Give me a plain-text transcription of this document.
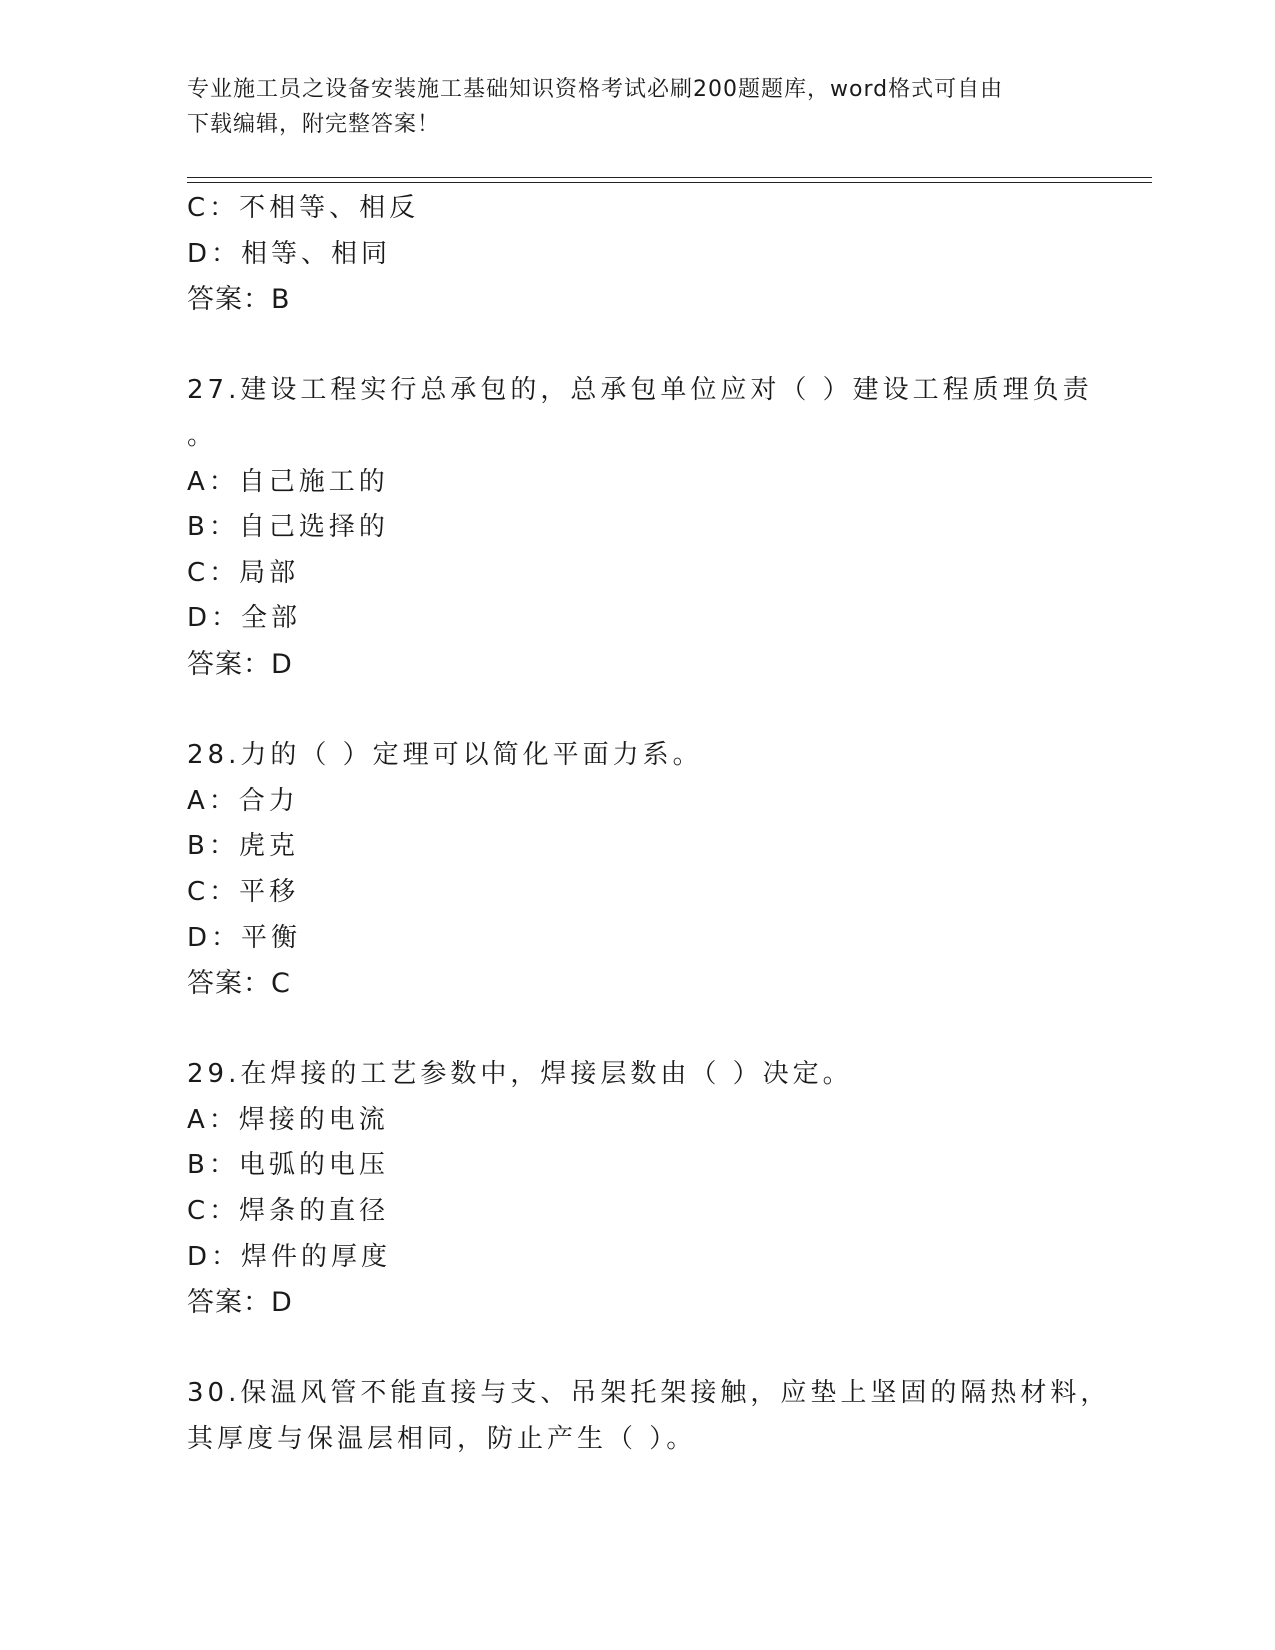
专业施工员之设备安装施工基础知识资格考试必刷200题题库，word格式可自由
下载编辑，附完整答案！
C：不相等、相反
D：相等、相同
答案：B
27.建设工程实行总承包的，总承包单位应对（ ）建设工程质理负责
。
A：自己施工的
B：自己选择的
C：局部
D：全部
答案：D
28.力的（ ）定理可以简化平面力系。
A：合力
B：虎克
C：平移
D：平衡
答案：C
29.在焊接的工艺参数中，焊接层数由（ ）决定。
A：焊接的电流
B：电弧的电压
C：焊条的直径
D：焊件的厚度
答案：D
30.保温风管不能直接与支、吊架托架接触，应垫上坚固的隔热材料，
其厚度与保温层相同，防止产生（ ）。
